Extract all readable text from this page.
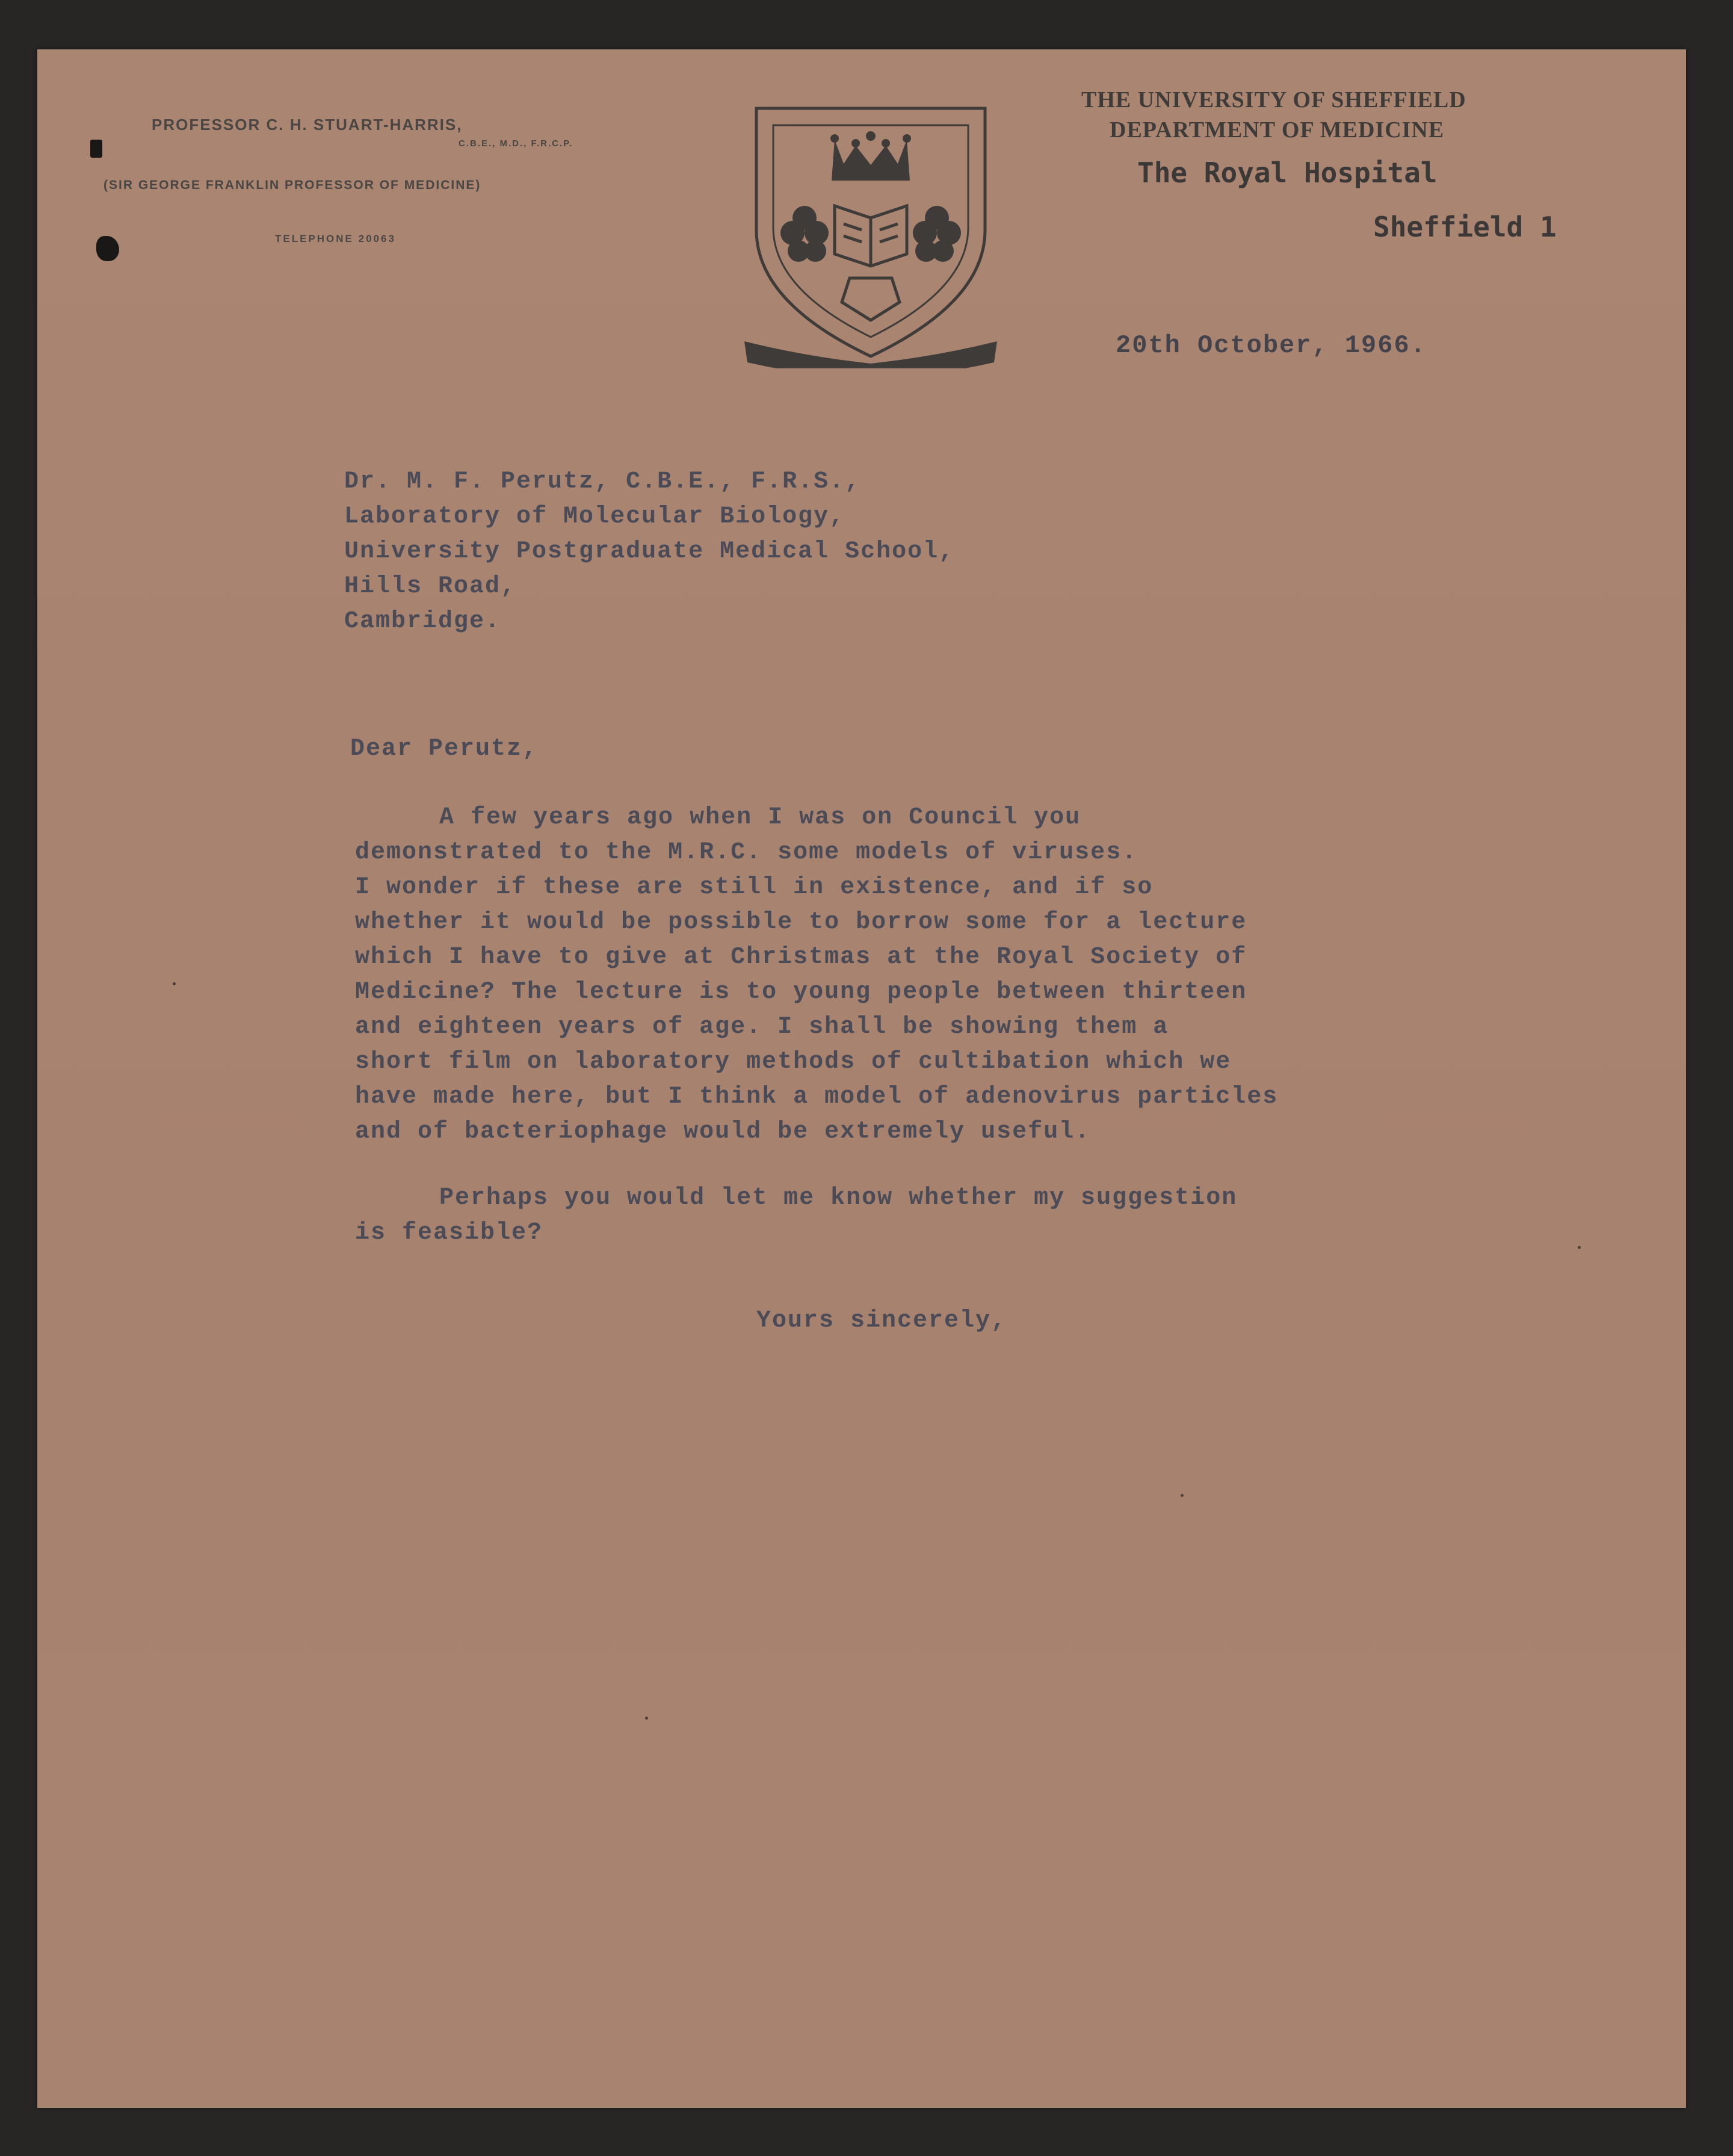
PROFESSOR C. H. STUART-HARRIS,
C.B.E., M.D., F.R.C.P.
(SIR GEORGE FRANKLIN PROFESSOR OF MEDICINE)
TELEPHONE 20063
THE UNIVERSITY OF SHEFFIELD
DEPARTMENT OF MEDICINE
The Royal Hospital
Sheffield 1
20th October, 1966.
Dr. M. F. Perutz, C.B.E., F.R.S.,
Laboratory of Molecular Biology,
University Postgraduate Medical School,
Hills Road,
Cambridge.
Dear Perutz,
A few years ago when I was on Council you
demonstrated to the M.R.C. some models of viruses.
I wonder if these are still in existence, and if so
whether it would be possible to borrow some for a lecture
which I have to give at Christmas at the Royal Society of
Medicine? The lecture is to young people between thirteen
and eighteen years of age. I shall be showing them a
short film on laboratory methods of cultibation which we
have made here, but I think a model of adenovirus particles
and of bacteriophage would be extremely useful.
Perhaps you would let me know whether my suggestion
is feasible?
Yours sincerely,
